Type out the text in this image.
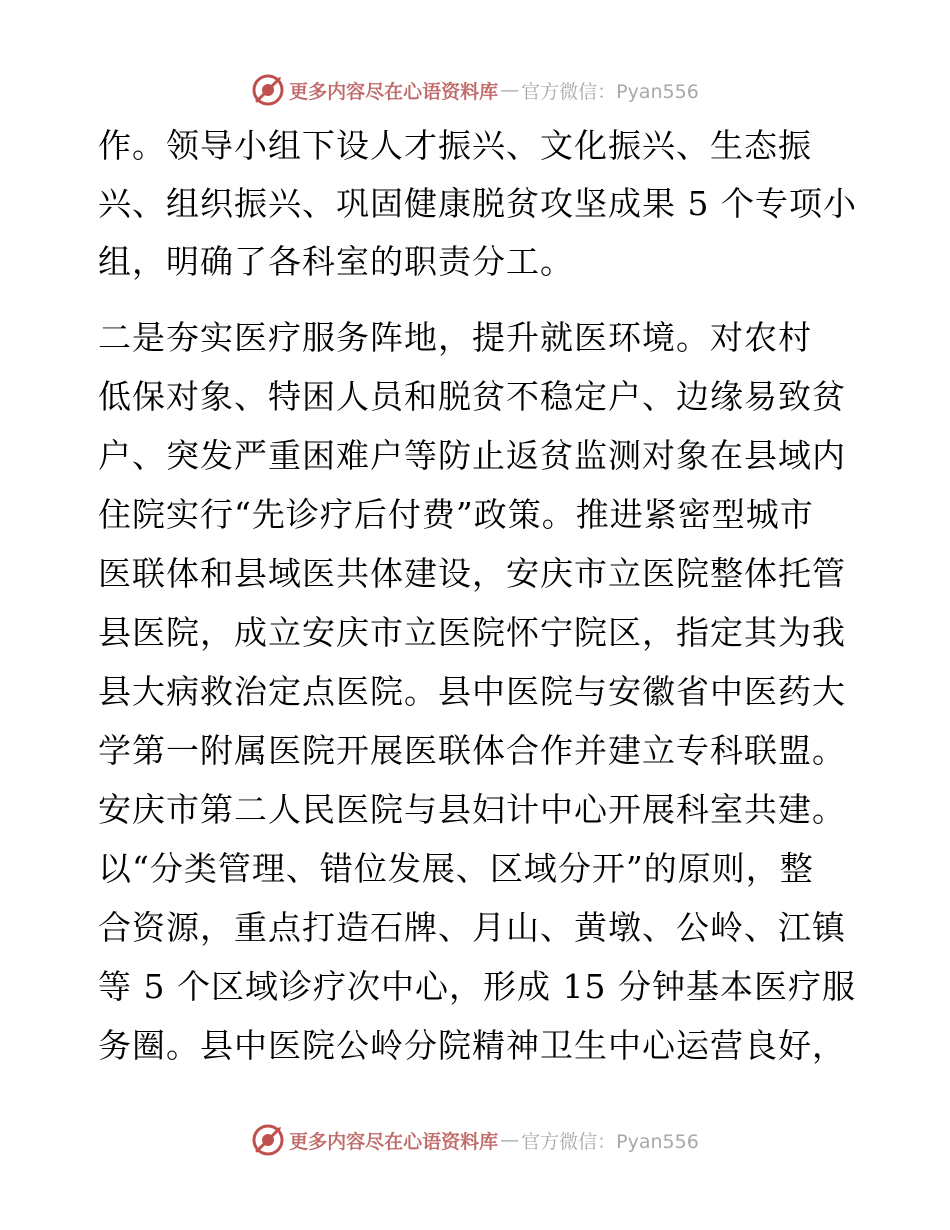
更多内容尽在心语资料库 — 官方微信：Pyan556
作。领导小组下设人才振兴、文化振兴、生态振
兴、组织振兴、巩固健康脱贫攻坚成果 5 个专项小
组，明确了各科室的职责分工。
二是夯实医疗服务阵地，提升就医环境。对农村
低保对象、特困人员和脱贫不稳定户、边缘易致贫
户、突发严重困难户等防止返贫监测对象在县域内
住院实行“先诊疗后付费”政策。推进紧密型城市
医联体和县域医共体建设，安庆市立医院整体托管
县医院，成立安庆市立医院怀宁院区，指定其为我
县大病救治定点医院。县中医院与安徽省中医药大
学第一附属医院开展医联体合作并建立专科联盟。
安庆市第二人民医院与县妇计中心开展科室共建。
以“分类管理、错位发展、区域分开”的原则，整
合资源，重点打造石牌、月山、黄墩、公岭、江镇
等 5 个区域诊疗次中心，形成 15 分钟基本医疗服
务圈。县中医院公岭分院精神卫生中心运营良好，
更多内容尽在心语资料库 — 官方微信：Pyan556
